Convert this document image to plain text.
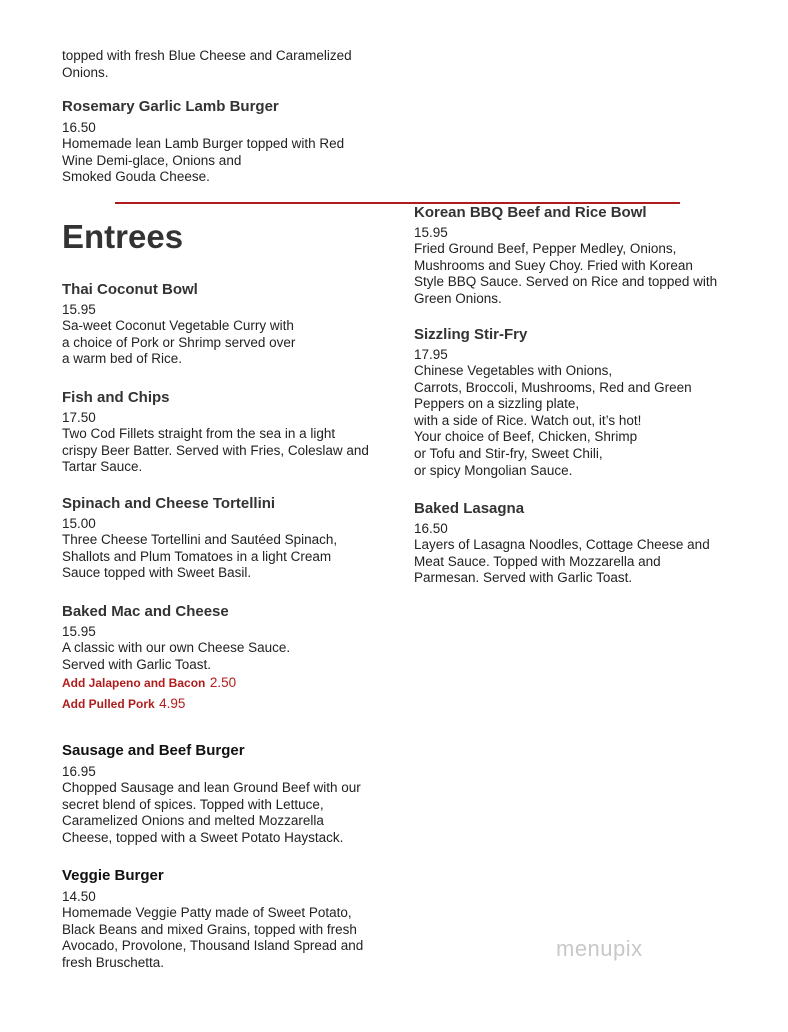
topped with fresh Blue Cheese and Caramelized
Onions.
Rosemary Garlic Lamb Burger
16.50
Homemade lean Lamb Burger topped with Red
Wine Demi-glace, Onions and
Smoked Gouda Cheese.
Entrees
Thai Coconut Bowl
15.95
Sa-weet Coconut Vegetable Curry with
a choice of Pork or Shrimp served over
a warm bed of Rice.
Fish and Chips
17.50
Two Cod Fillets straight from the sea in a light
crispy Beer Batter. Served with Fries, Coleslaw and
Tartar Sauce.
Spinach and Cheese Tortellini
15.00
Three Cheese Tortellini and Sautéed Spinach,
Shallots and Plum Tomatoes in a light Cream
Sauce topped with Sweet Basil.
Baked Mac and Cheese
15.95
A classic with our own Cheese Sauce.
Served with Garlic Toast.
Add Jalapeno and Bacon 2.50
Add Pulled Pork 4.95
Sausage and Beef Burger
16.95
Chopped Sausage and lean Ground Beef with our
secret blend of spices. Topped with Lettuce,
Caramelized Onions and melted Mozzarella
Cheese, topped with a Sweet Potato Haystack.
Veggie Burger
14.50
Homemade Veggie Patty made of Sweet Potato,
Black Beans and mixed Grains, topped with fresh
Avocado, Provolone, Thousand Island Spread and
fresh Bruschetta.
Korean BBQ Beef and Rice Bowl
15.95
Fried Ground Beef, Pepper Medley, Onions,
Mushrooms and Suey Choy. Fried with Korean
Style BBQ Sauce. Served on Rice and topped with
Green Onions.
Sizzling Stir-Fry
17.95
Chinese Vegetables with Onions,
Carrots, Broccoli, Mushrooms, Red and Green
Peppers on a sizzling plate,
with a side of Rice. Watch out, it’s hot!
Your choice of Beef, Chicken, Shrimp
or Tofu and Stir-fry, Sweet Chili,
or spicy Mongolian Sauce.
Baked Lasagna
16.50
Layers of Lasagna Noodles, Cottage Cheese and
Meat Sauce. Topped with Mozzarella and
Parmesan. Served with Garlic Toast.
menupix
